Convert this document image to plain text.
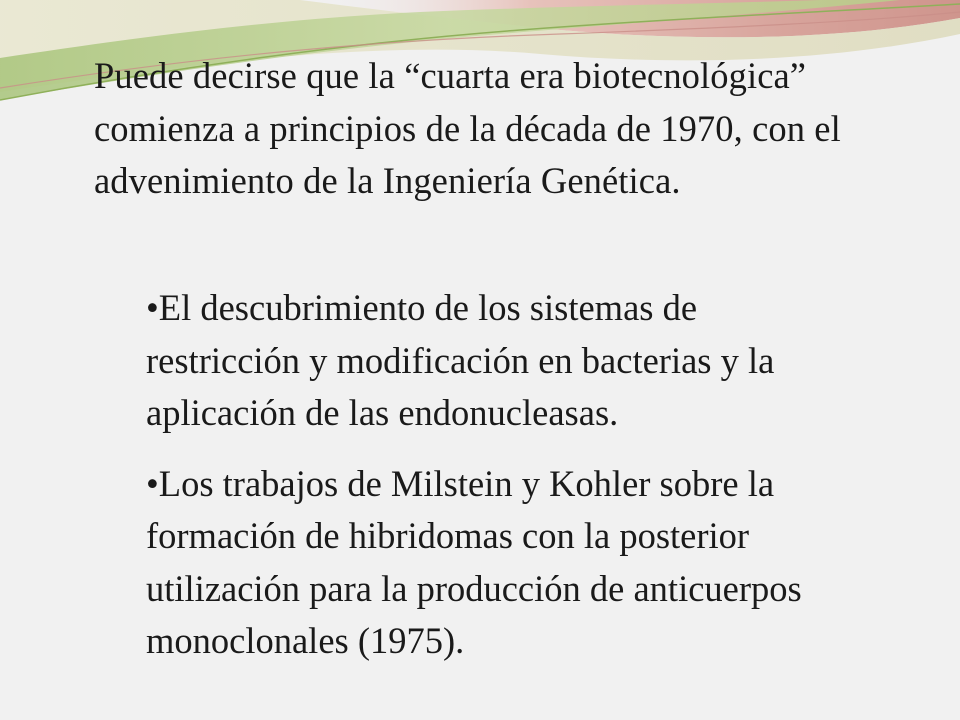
Puede decirse que la “cuarta era biotecnológica” comienza a principios de la década de 1970, con el advenimiento de la Ingeniería Genética.

•El descubrimiento de los sistemas de restricción y modificación en bacterias y la aplicación de las endonucleasas.
•Los trabajos de Milstein y Kohler sobre la formación de hibridomas con la posterior utilización para la producción de anticuerpos monoclonales (1975).
